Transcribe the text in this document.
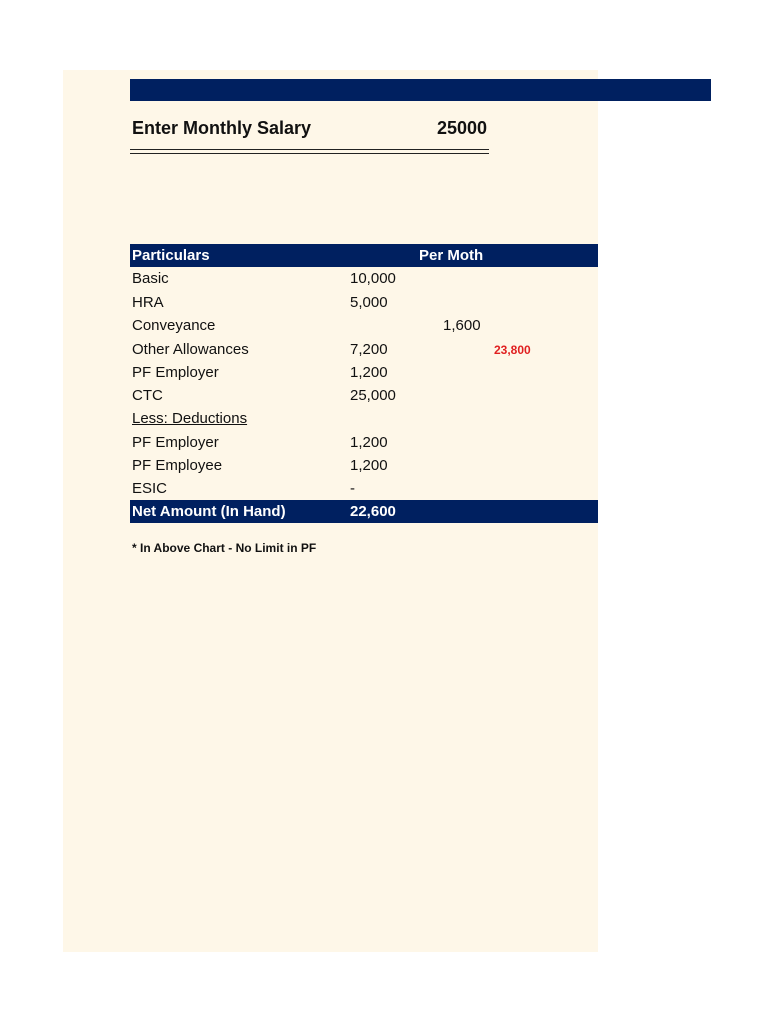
Enter Monthly Salary	25000
Particulars	Per Moth
Basic	10,000
HRA	5,000
Conveyance	1,600
Other Allowances	7,200	23,800
PF Employer	1,200
CTC	25,000
Less: Deductions
PF Employer	1,200
PF Employee	1,200
ESIC	-
Net Amount (In Hand)	22,600
* In Above Chart - No Limit in PF
